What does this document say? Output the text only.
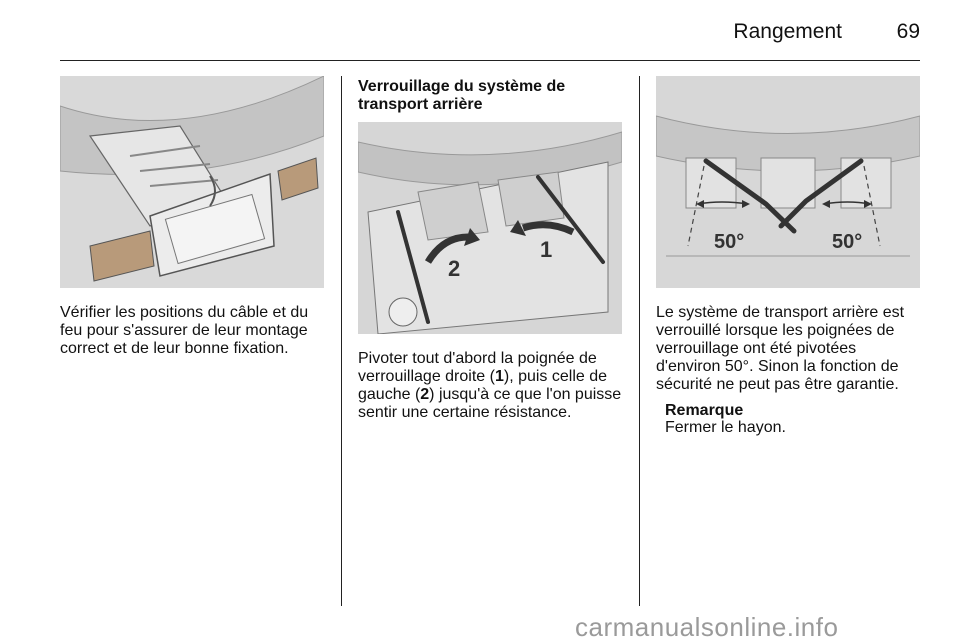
Rangement	69
Vérifier les positions du câble et du feu pour s'assurer de leur montage correct et de leur bonne fixation.
Verrouillage du système de transport arrière
1
2
Pivoter tout d'abord la poignée de verrouillage droite (1), puis celle de gauche (2) jusqu'à ce que l'on puisse sentir une certaine résistance.
50°	50°
Le système de transport arrière est verrouillé lorsque les poignées de verrouillage ont été pivotées d'environ 50°. Sinon la fonction de sécurité ne peut pas être garantie.
Remarque
Fermer le hayon.
carmanualsonline.info
